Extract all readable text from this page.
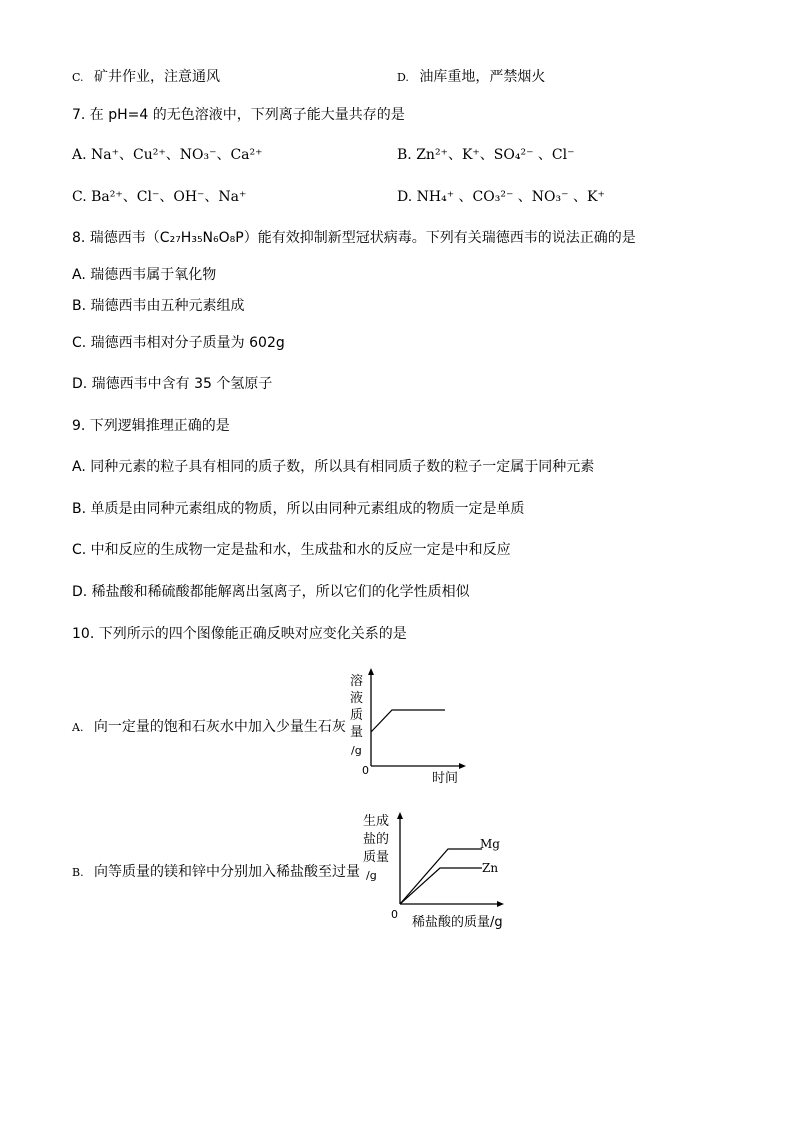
C. 矿井作业，注意通风	D. 油库重地，严禁烟火
7. 在 pH=4 的无色溶液中，下列离子能大量共存的是
A. Na⁺、Cu²⁺、NO₃⁻、Ca²⁺	B. Zn²⁺、K⁺、SO₄²⁻ 、Cl⁻
C. Ba²⁺、Cl⁻、OH⁻、Na⁺	D. NH₄⁺ 、CO₃²⁻ 、NO₃⁻ 、K⁺
8. 瑞德西韦（C₂₇H₃₅N₆O₈P）能有效抑制新型冠状病毒。下列有关瑞德西韦的说法正确的是
A. 瑞德西韦属于氧化物
B. 瑞德西韦由五种元素组成
C. 瑞德西韦相对分子质量为 602g
D. 瑞德西韦中含有 35 个氢原子
9. 下列逻辑推理正确的是
A. 同种元素的粒子具有相同的质子数，所以具有相同质子数的粒子一定属于同种元素
B. 单质是由同种元素组成的物质，所以由同种元素组成的物质一定是单质
C. 中和反应的生成物一定是盐和水，生成盐和水的反应一定是中和反应
D. 稀盐酸和稀硫酸都能解离出氢离子，所以它们的化学性质相似
10. 下列所示的四个图像能正确反映对应变化关系的是
A. 向一定量的饱和石灰水中加入少量生石灰
溶
液
质
量
/g
0
时间
B. 向等质量的镁和锌中分别加入稀盐酸至过量
Mg
Zn
生成
盐的
质量
/g
0
稀盐酸的质量/g
